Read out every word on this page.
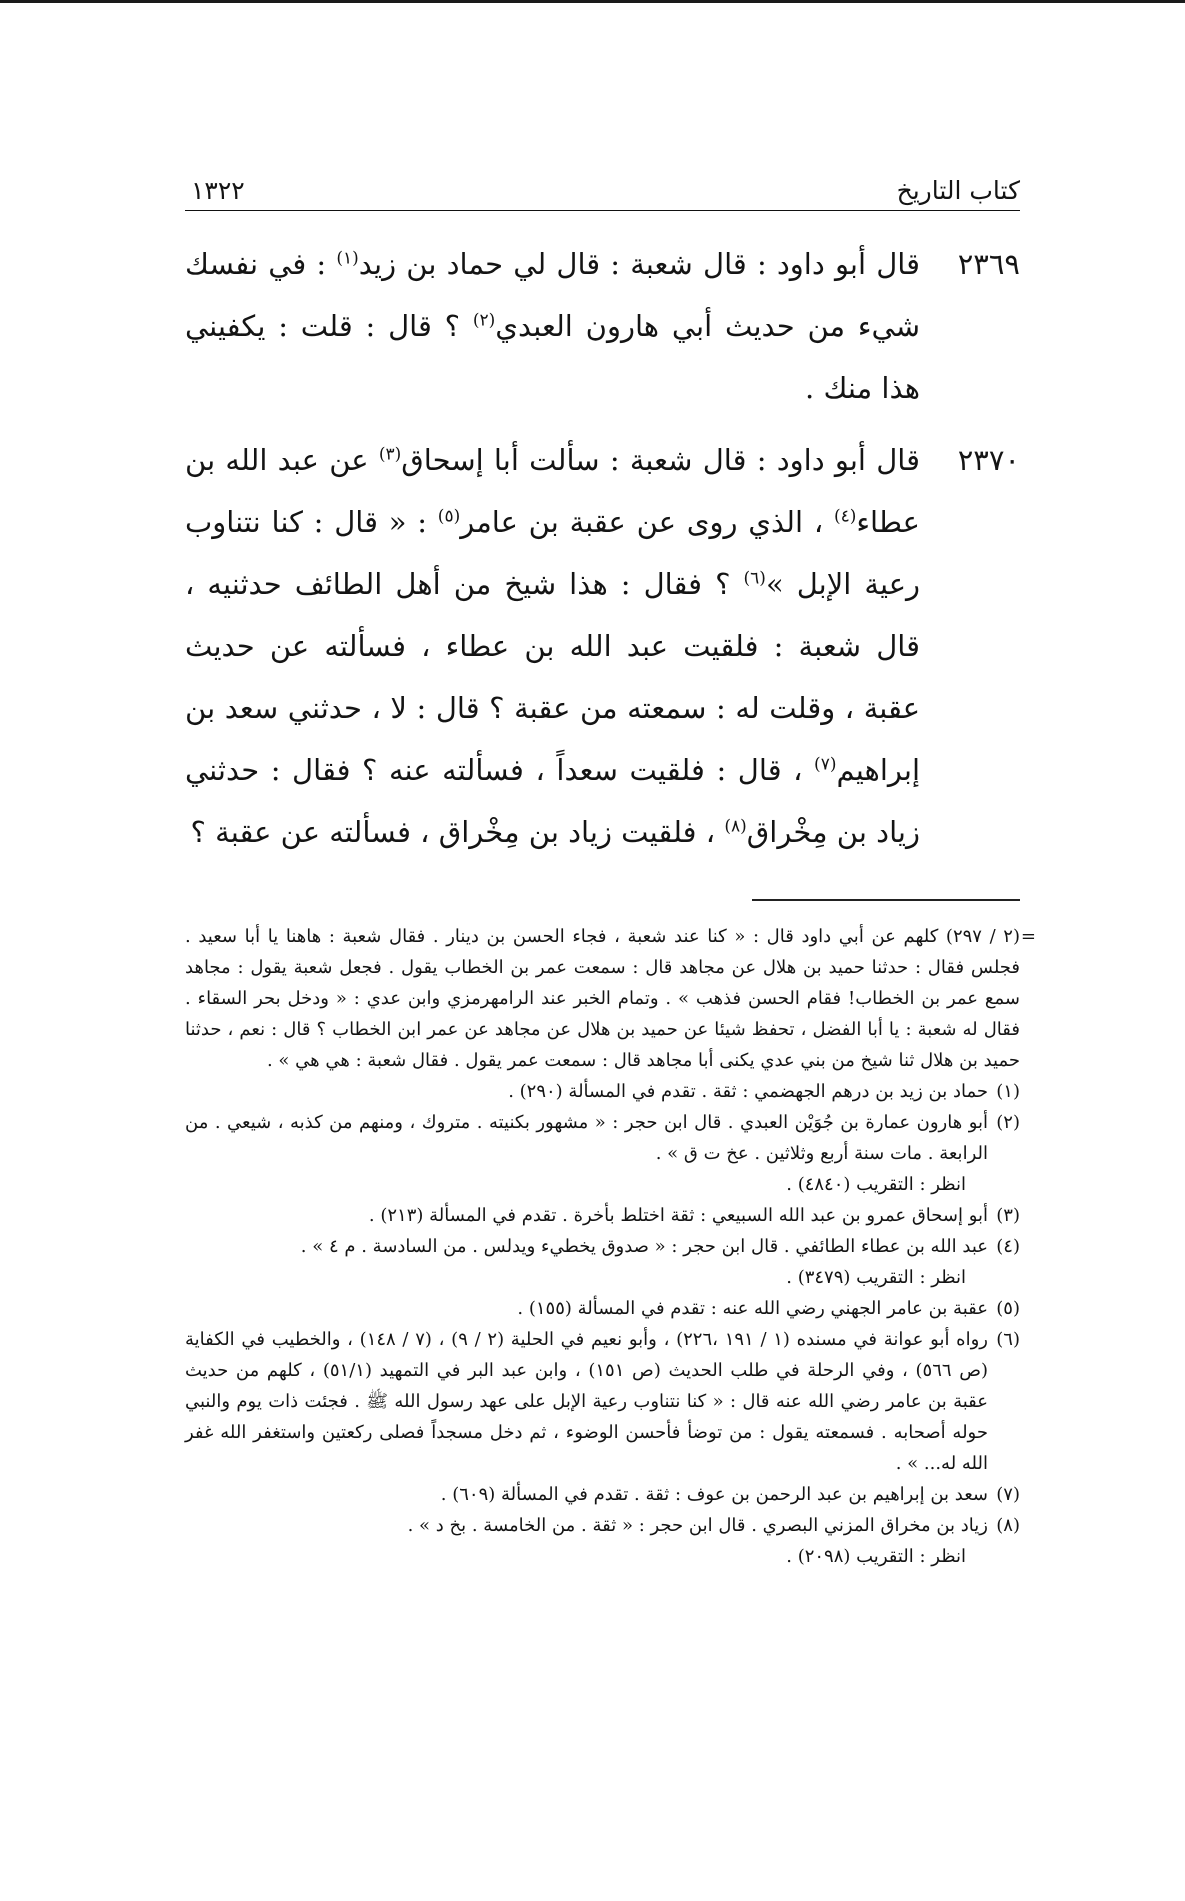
كتاب التاريخ
١٣٢٢
٢٣٦٩
قال أبو داود : قال شعبة : قال لي حماد بن زيد$^{(١)}$ : في نفسك شيء من حديث أبي هارون العبدي$^{(٢)}$ ؟ قال : قلت : يكفيني هذا منك .
٢٣٧٠
قال أبو داود : قال شعبة : سألت أبا إسحاق$^{(٣)}$ عن عبد الله بن عطاء$^{(٤)}$ ، الذي روى عن عقبة بن عامر$^{(٥)}$ : « قال : كنا نتناوب رعية الإبل »$^{(٦)}$ ؟ فقال : هذا شيخ من أهل الطائف حدثنيه ، قال شعبة : فلقيت عبد الله بن عطاء ، فسألته عن حديث عقبة ، وقلت له : سمعته من عقبة ؟ قال : لا ، حدثني سعد بن إبراهيم$^{(٧)}$ ، قال : فلقيت سعداً ، فسألته عنه ؟ فقال : حدثني زياد بن مِخْراق$^{(٨)}$ ، فلقيت زياد بن مِخْراق ، فسألته عن عقبة ؟
=
(٢ / ٢٩٧) كلهم عن أبي داود قال : « كنا عند شعبة ، فجاء الحسن بن دينار . فقال شعبة : هاهنا يا أبا سعيد . فجلس فقال : حدثنا حميد بن هلال عن مجاهد قال : سمعت عمر بن الخطاب يقول . فجعل شعبة يقول : مجاهد سمع عمر بن الخطاب! فقام الحسن فذهب » . وتمام الخبر عند الرامهرمزي وابن عدي : « ودخل بحر السقاء . فقال له شعبة : يا أبا الفضل ، تحفظ شيئا عن حميد بن هلال عن مجاهد عن عمر ابن الخطاب ؟ قال : نعم ، حدثنا حميد بن هلال ثنا شيخ من بني عدي يكنى أبا مجاهد قال : سمعت عمر يقول . فقال شعبة : هي هي » .
(١)
حماد بن زيد بن درهم الجهضمي : ثقة . تقدم في المسألة (٢٩٠) .
(٢)
أبو هارون عمارة بن جُوَيْن العبدي . قال ابن حجر : « مشهور بكنيته . متروك ، ومنهم من كذبه ، شيعي . من الرابعة . مات سنة أربع وثلاثين . عخ ت ق » .
انظر : التقريب (٤٨٤٠) .
(٣)
أبو إسحاق عمرو بن عبد الله السبيعي : ثقة اختلط بأخرة . تقدم في المسألة (٢١٣) .
(٤)
عبد الله بن عطاء الطائفي . قال ابن حجر : « صدوق يخطيء ويدلس . من السادسة . م ٤ » .
انظر : التقريب (٣٤٧٩) .
(٥)
عقبة بن عامر الجهني رضي الله عنه : تقدم في المسألة (١٥٥) .
(٦)
رواه أبو عوانة في مسنده (١ / ١٩١ ،٢٢٦) ، وأبو نعيم في الحلية (٢ / ٩) ، (٧ / ١٤٨) ، والخطيب في الكفاية (ص ٥٦٦) ، وفي الرحلة في طلب الحديث (ص ١٥١) ، وابن عبد البر في التمهيد (٥١/١) ، كلهم من حديث عقبة بن عامر رضي الله عنه قال : « كنا نتناوب رعية الإبل على عهد رسول الله ﷺ . فجئت ذات يوم والنبي حوله أصحابه . فسمعته يقول : من توضأ فأحسن الوضوء ، ثم دخل مسجداً فصلى ركعتين واستغفر الله غفر الله له... » .
(٧)
سعد بن إبراهيم بن عبد الرحمن بن عوف : ثقة . تقدم في المسألة (٦٠٩) .
(٨)
زياد بن مخراق المزني البصري . قال ابن حجر : « ثقة . من الخامسة . بخ د » .
انظر : التقريب (٢٠٩٨) .
